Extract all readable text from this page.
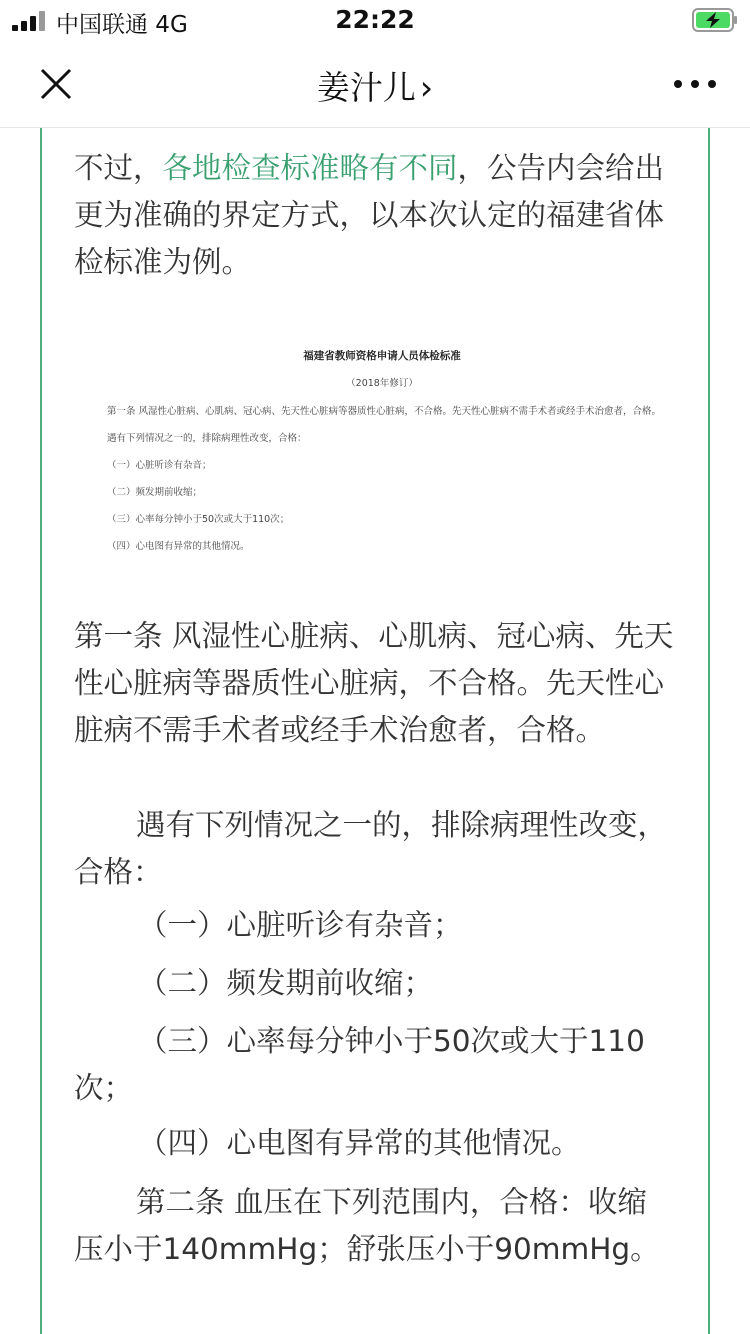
中国联通 4G	22:22
姜汁儿 ›

不过，各地检查标准略有不同，公告内会给出更为准确的界定方式，以本次认定的福建省体检标准为例。

福建省教师资格申请人员体检标准
（2018年修订）
第一条 风湿性心脏病、心肌病、冠心病、先天性心脏病等器质性心脏病，不合格。先天性心脏病不需手术者或经手术治愈者，合格。
遇有下列情况之一的，排除病理性改变，合格：
（一）心脏听诊有杂音；
（二）频发期前收缩；
（三）心率每分钟小于50次或大于110次；
（四）心电图有异常的其他情况。

第一条 风湿性心脏病、心肌病、冠心病、先天性心脏病等器质性心脏病，不合格。先天性心脏病不需手术者或经手术治愈者，合格。

遇有下列情况之一的，排除病理性改变，合格：

（一）心脏听诊有杂音；

（二）频发期前收缩；

（三）心率每分钟小于50次或大于110次；

（四）心电图有异常的其他情况。

第二条 血压在下列范围内，合格：收缩压小于140mmHg；舒张压小于90mmHg。
